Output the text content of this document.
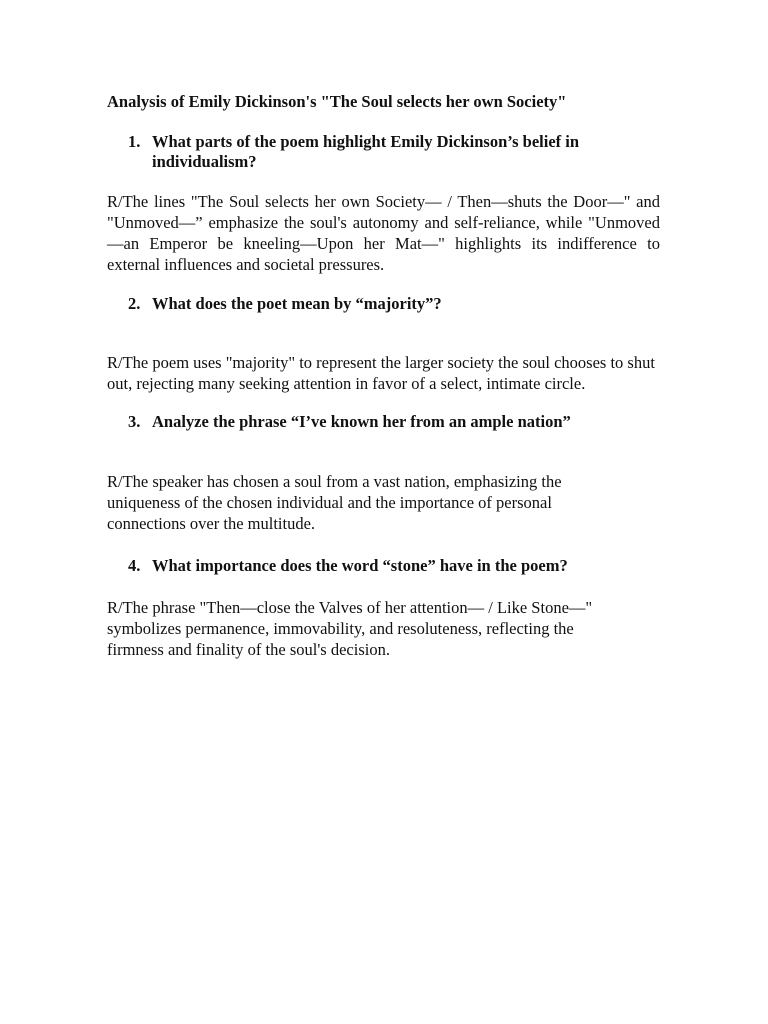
Analysis of Emily Dickinson's "The Soul selects her own Society"
1. What parts of the poem highlight Emily Dickinson’s belief in individualism?

R/The lines "The Soul selects her own Society— / Then—shuts the Door—" and "Unmoved—” emphasize the soul's autonomy and self-reliance, while "Unmoved—an Emperor be kneeling—Upon her Mat—" highlights its indifference to external influences and societal pressures.

2. What does the poet mean by “majority”?

R/The poem uses "majority" to represent the larger society the soul chooses to shut out, rejecting many seeking attention in favor of a select, intimate circle.

3. Analyze the phrase “I’ve known her from an ample nation”

R/The speaker has chosen a soul from a vast nation, emphasizing the uniqueness of the chosen individual and the importance of personal connections over the multitude.

4. What importance does the word “stone” have in the poem?

R/The phrase "Then—close the Valves of her attention— / Like Stone—" symbolizes permanence, immovability, and resoluteness, reflecting the firmness and finality of the soul's decision.
